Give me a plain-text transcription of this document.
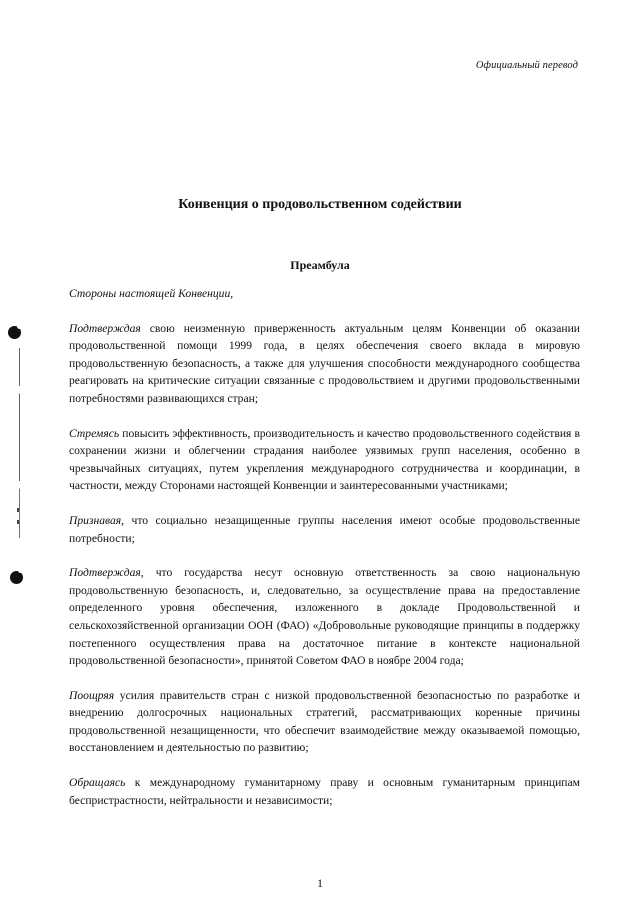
Официальный перевод
Конвенция о продовольственном содействии
Преамбула

Стороны настоящей Конвенции,

Подтверждая свою неизменную приверженность актуальным целям Конвенции об оказании продовольственной помощи 1999 года, в целях обеспечения своего вклада в мировую продовольственную безопасность, а также для улучшения способности международного сообщества реагировать на критические ситуации связанные с продовольствием и другими продовольственными потребностями развивающихся стран;

Стремясь повысить эффективность, производительность и качество продовольственного содействия в сохранении жизни и облегчении страдания наиболее уязвимых групп населения, особенно в чрезвычайных ситуациях, путем укрепления международного сотрудничества и координации, в частности, между Сторонами настоящей Конвенции и заинтересованными участниками;

Признавая, что социально незащищенные группы населения имеют особые продовольственные потребности;

Подтверждая, что государства несут основную ответственность за свою национальную продовольственную безопасность, и, следовательно, за осуществление права на предоставление определенного уровня обеспечения, изложенного в докладе Продовольственной и сельскохозяйственной организации ООН (ФАО) «Добровольные руководящие принципы в поддержку постепенного осуществления права на достаточное питание в контексте национальной продовольственной безопасности», принятой Советом ФАО в ноябре 2004 года;

Поощряя усилия правительств стран с низкой продовольственной безопасностью по разработке и внедрению долгосрочных национальных стратегий, рассматривающих коренные причины продовольственной незащищенности, что обеспечит взаимодействие между оказываемой помощью, восстановлением и деятельностью по развитию;

Обращаясь к международному гуманитарному праву и основным гуманитарным принципам беспристрастности, нейтральности и независимости;

1
